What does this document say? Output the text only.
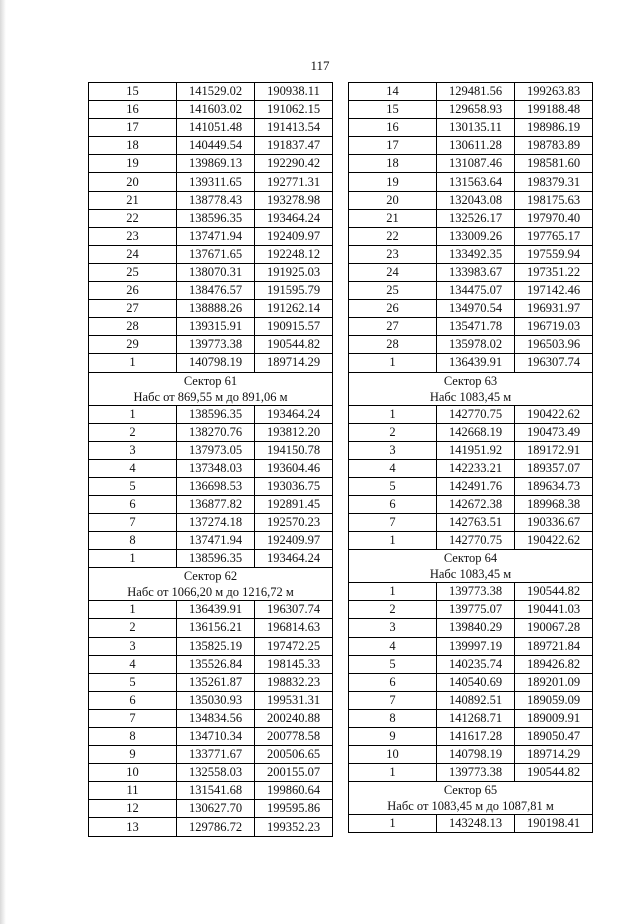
117
15	141529.02	190938.11
16	141603.02	191062.15
17	141051.48	191413.54
18	140449.54	191837.47
19	139869.13	192290.42
20	139311.65	192771.31
21	138778.43	193278.98
22	138596.35	193464.24
23	137471.94	192409.97
24	137671.65	192248.12
25	138070.31	191925.03
26	138476.57	191595.79
27	138888.26	191262.14
28	139315.91	190915.57
29	139773.38	190544.82
1	140798.19	189714.29
Сектор 61		
Набс от 869,55 м до 891,06 м		
1	138596.35	193464.24
2	138270.76	193812.20
3	137973.05	194150.78
4	137348.03	193604.46
5	136698.53	193036.75
6	136877.82	192891.45
7	137274.18	192570.23
8	137471.94	192409.97
1	138596.35	193464.24
Сектор 62		
Набс от 1066,20 м до 1216,72 м		
1	136439.91	196307.74
2	136156.21	196814.63
3	135825.19	197472.25
4	135526.84	198145.33
5	135261.87	198832.23
6	135030.93	199531.31
7	134834.56	200240.88
8	134710.34	200778.58
9	133771.67	200506.65
10	132558.03	200155.07
11	131541.68	199860.64
12	130627.70	199595.86
13	129786.72	199352.23
14	129481.56	199263.83
15	129658.93	199188.48
16	130135.11	198986.19
17	130611.28	198783.89
18	131087.46	198581.60
19	131563.64	198379.31
20	132043.08	198175.63
21	132526.17	197970.40
22	133009.26	197765.17
23	133492.35	197559.94
24	133983.67	197351.22
25	134475.07	197142.46
26	134970.54	196931.97
27	135471.78	196719.03
28	135978.02	196503.96
1	136439.91	196307.74
Сектор 63		
Набс 1083,45 м		
1	142770.75	190422.62
2	142668.19	190473.49
3	141951.92	189172.91
4	142233.21	189357.07
5	142491.76	189634.73
6	142672.38	189968.38
7	142763.51	190336.67
1	142770.75	190422.62
Сектор 64		
Набс 1083,45 м		
1	139773.38	190544.82
2	139775.07	190441.03
3	139840.29	190067.28
4	139997.19	189721.84
5	140235.74	189426.82
6	140540.69	189201.09
7	140892.51	189059.09
8	141268.71	189009.91
9	141617.28	189050.47
10	140798.19	189714.29
1	139773.38	190544.82
Сектор 65		
Набс от 1083,45 м до 1087,81 м		
1	143248.13	190198.41
